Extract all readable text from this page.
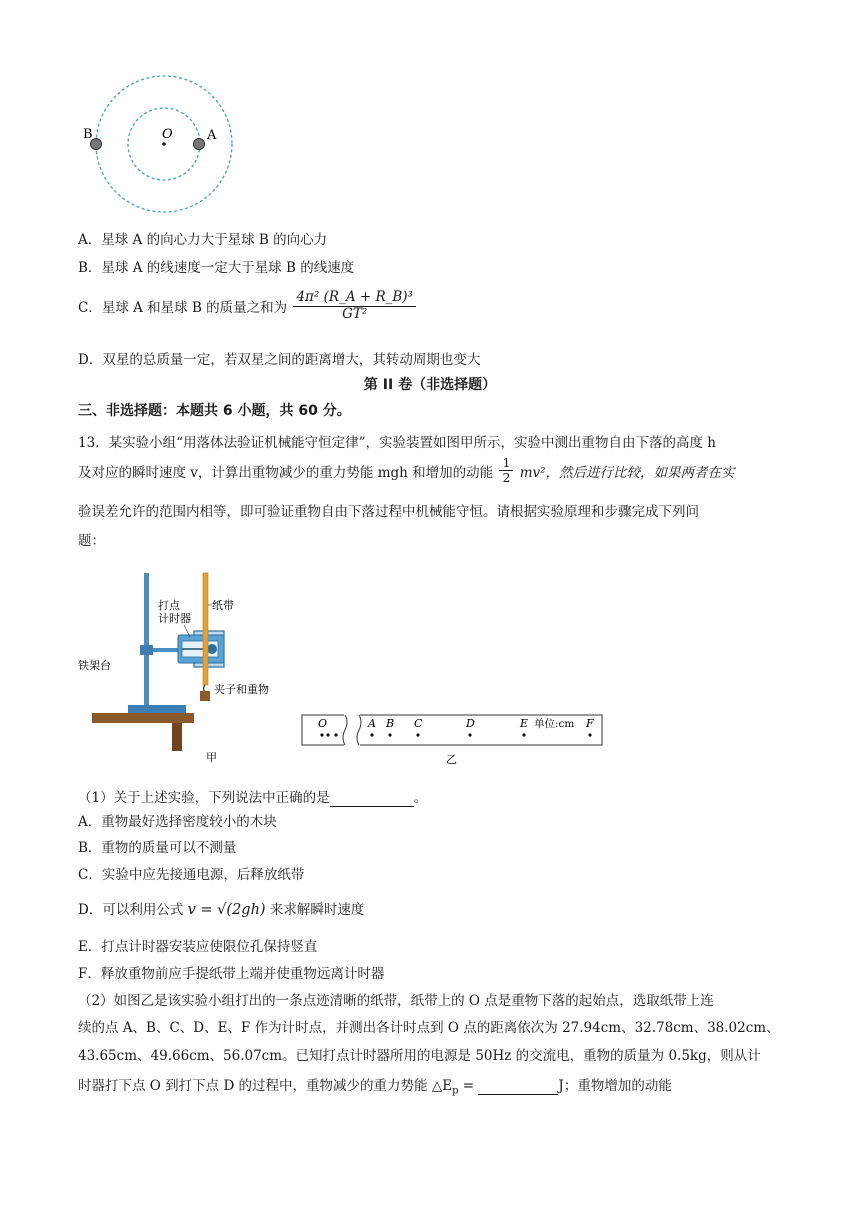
B	O	A
A．星球 A 的向心力大于星球 B 的向心力
B．星球 A 的线速度一定大于星球 B 的线速度
C．星球 A 和星球 B 的质量之和为 $\frac{\text{4π² (R\_A + R\_B)³}}{\text{GT²}}$
D．双星的总质量一定，若双星之间的距离增大，其转动周期也变大
第 II 卷（非选择题）
三、非选择题：本题共 6 小题，共 60 分。
13．某实验小组“用落体法验证机械能守恒定律”，实验装置如图甲所示，实验中测出重物自由下落的高度 h
及对应的瞬时速度 v，计算出重物减少的重力势能 mgh 和增加的动能 $\frac{1}{2} mv^2$，然后进行比较，如果两者在实
验误差允许的范围内相等，即可验证重物自由下落过程中机械能守恒。请根据实验原理和步骤完成下列问
题：
打点
计时器
纸带
铁架台
夹子和重物
甲
O	A B C	D	E	F
单位:cm
乙
（1）关于上述实验，下列说法中正确的是	。
A．重物最好选择密度较小的木块
B．重物的质量可以不测量
C．实验中应先接通电源，后释放纸带
D．可以利用公式 v = √(2gh) 来求解瞬时速度
E．打点计时器安装应使限位孔保持竖直
F．释放重物前应手提纸带上端并使重物远离计时器
（2）如图乙是该实验小组打出的一条点迹清晰的纸带，纸带上的 O 点是重物下落的起始点，选取纸带上连
续的点 A、B、C、D、E、F 作为计时点，并测出各计时点到 O 点的距离依次为 27.94cm、32.78cm、38.02cm、
43.65cm、49.66cm、56.07cm。已知打点计时器所用的电源是 50Hz 的交流电，重物的质量为 0.5kg，则从计
时器打下点 O 到打下点 D 的过程中，重物减少的重力势能 $\triangle E_p$ =	J；重物增加的动能
